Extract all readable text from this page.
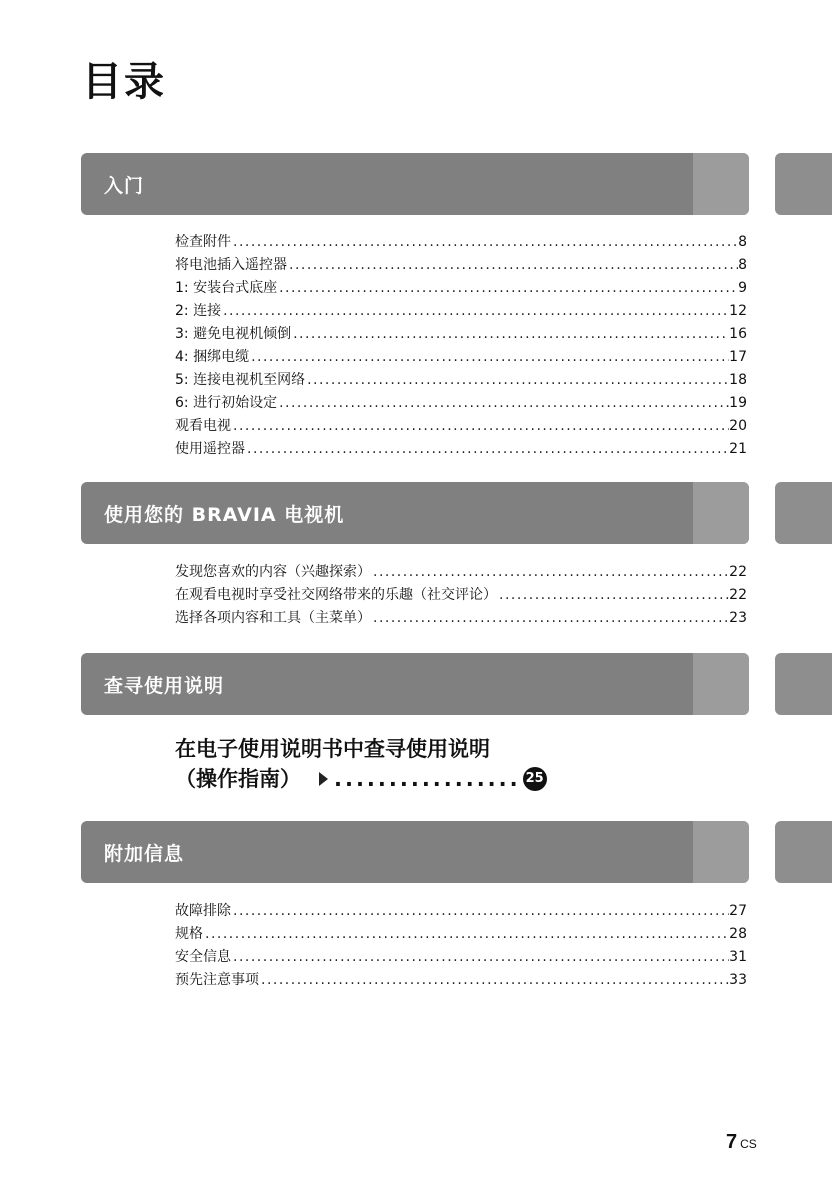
目录
入门
检查附件 .....	8
将电池插入遥控器 .....	8
1: 安装台式底座 .....	9
2: 连接 .....	12
3: 避免电视机倾倒 .....	16
4: 捆绑电缆 .....	17
5: 连接电视机至网络 .....	18
6: 进行初始设定 .....	19
观看电视 .....	20
使用遥控器 .....	21
使用您的 BRAVIA 电视机
发现您喜欢的内容（兴趣探索） .....	22
在观看电视时享受社交网络带来的乐趣（社交评论） .....	22
选择各项内容和工具（主菜单） .....	23
查寻使用说明
在电子使用说明书中查寻使用说明
（操作指南） ................. 25
附加信息
故障排除 .....	27
规格 .....	28
安全信息 .....	31
预先注意事项 .....	33
7 CS
